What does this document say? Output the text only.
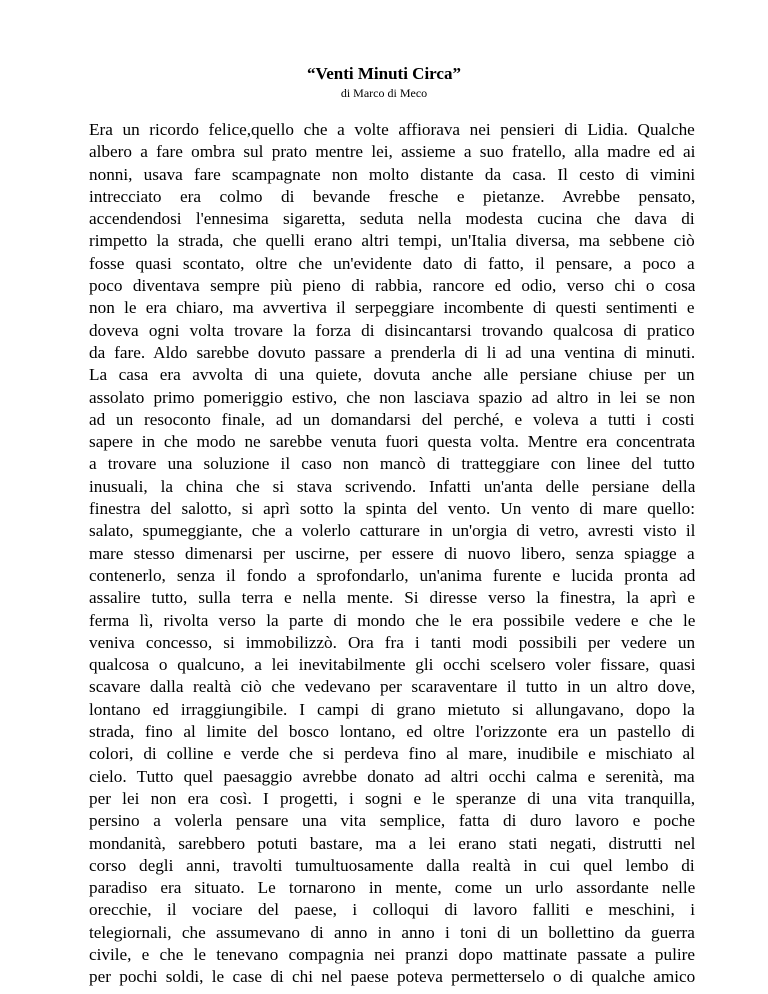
“Venti Minuti Circa”
di Marco di Meco
Era un ricordo felice,quello che a volte affiorava nei pensieri di Lidia. Qualche
albero a fare ombra sul prato mentre lei, assieme a suo fratello, alla madre ed ai
nonni, usava fare scampagnate non molto distante da casa. Il cesto di vimini
intrecciato era colmo di bevande fresche e pietanze. Avrebbe pensato,
accendendosi l'ennesima sigaretta, seduta nella modesta cucina che dava di
rimpetto la strada, che quelli erano altri tempi, un'Italia diversa, ma sebbene ciò
fosse quasi scontato, oltre che un'evidente dato di fatto, il pensare, a poco a
poco diventava sempre più pieno di rabbia, rancore ed odio, verso chi o cosa
non le era chiaro, ma avvertiva il serpeggiare incombente di questi sentimenti e
doveva ogni volta trovare la forza di disincantarsi trovando qualcosa di pratico
da fare. Aldo sarebbe dovuto passare a prenderla di li ad una ventina di minuti.
La casa era avvolta di una quiete, dovuta anche alle persiane chiuse per un
assolato primo pomeriggio estivo, che non lasciava spazio ad altro in lei se non
ad un resoconto finale, ad un domandarsi del perché, e voleva a tutti i costi
sapere in che modo ne sarebbe venuta fuori questa volta. Mentre era concentrata
a trovare una soluzione il caso non mancò di tratteggiare con linee del tutto
inusuali, la china che si stava scrivendo. Infatti un'anta delle persiane della
finestra del salotto, si aprì sotto la spinta del vento. Un vento di mare quello:
salato, spumeggiante, che a volerlo catturare in un'orgia di vetro, avresti visto il
mare stesso dimenarsi per uscirne, per essere di nuovo libero, senza spiagge a
contenerlo, senza il fondo a sprofondarlo, un'anima furente e lucida pronta ad
assalire tutto, sulla terra e nella mente. Si diresse verso la finestra, la aprì e
ferma lì, rivolta verso la parte di mondo che le era possibile vedere e che le
veniva concesso, si immobilizzò. Ora fra i tanti modi possibili per vedere un
qualcosa o qualcuno, a lei inevitabilmente gli occhi scelsero voler fissare, quasi
scavare dalla realtà ciò che vedevano per scaraventare il tutto in un altro dove,
lontano ed irraggiungibile. I campi di grano mietuto si allungavano, dopo la
strada, fino al limite del bosco lontano, ed oltre l'orizzonte era un pastello di
colori, di colline e verde che si perdeva fino al mare, inudibile e mischiato al
cielo. Tutto quel paesaggio avrebbe donato ad altri occhi calma e serenità, ma
per lei non era così. I progetti, i sogni e le speranze di una vita tranquilla,
persino a volerla pensare una vita semplice, fatta di duro lavoro e poche
mondanità, sarebbero potuti bastare, ma a lei erano stati negati, distrutti nel
corso degli anni, travolti tumultuosamente dalla realtà in cui quel lembo di
paradiso era situato. Le tornarono in mente, come un urlo assordante nelle
orecchie, il vociare del paese, i colloqui di lavoro falliti e meschini, i
telegiornali, che assumevano di anno in anno i toni di un bollettino da guerra
civile, e che le tenevano compagnia nei pranzi dopo mattinate passate a pulire
per pochi soldi, le case di chi nel paese poteva permetterselo o di qualche amico
